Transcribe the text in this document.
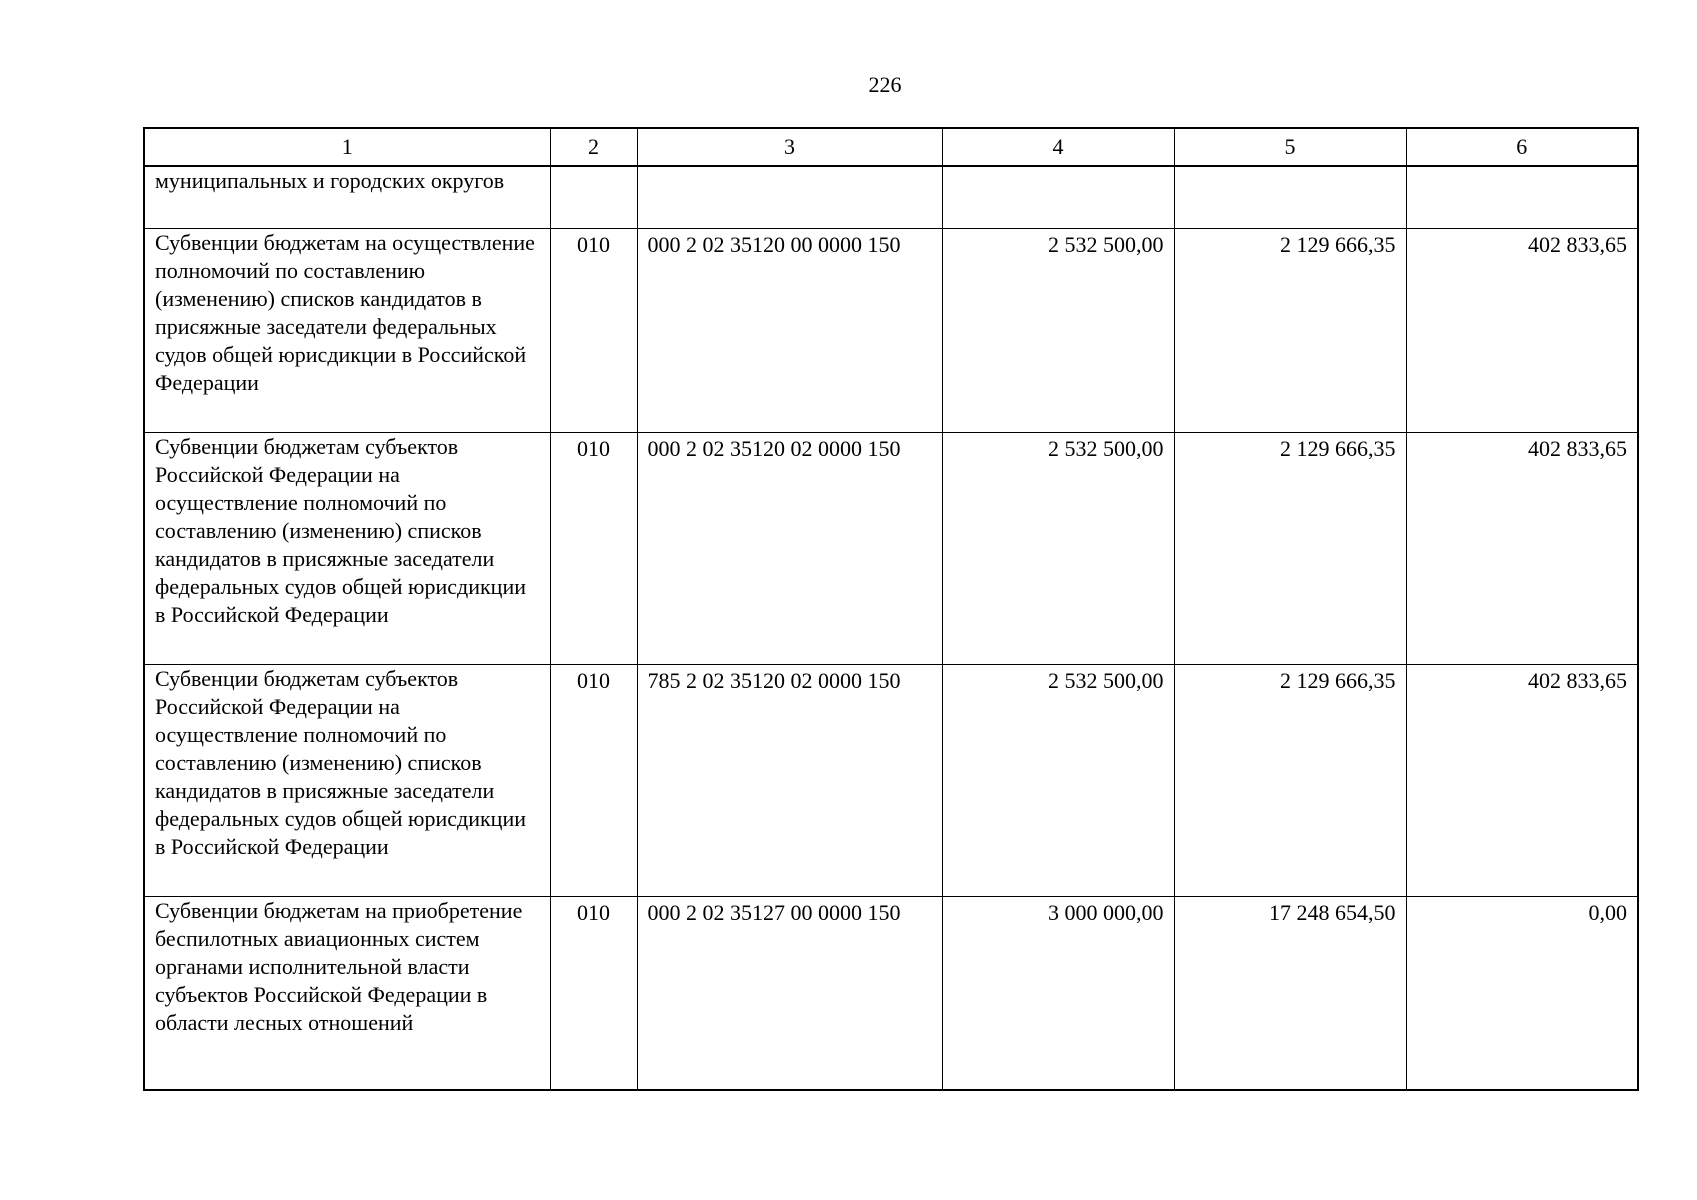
226
1	2	3	4	5	6
муниципальных и городских округов					
Субвенции бюджетам на осуществление полномочий по составлению (изменению) списков кандидатов в присяжные заседатели федеральных судов общей юрисдикции в Российской Федерации	010	000 2 02 35120 00 0000 150	2 532 500,00	2 129 666,35	402 833,65
Субвенции бюджетам субъектов Российской Федерации на осуществление полномочий по составлению (изменению) списков кандидатов в присяжные заседатели федеральных судов общей юрисдикции в Российской Федерации	010	000 2 02 35120 02 0000 150	2 532 500,00	2 129 666,35	402 833,65
Субвенции бюджетам субъектов Российской Федерации на осуществление полномочий по составлению (изменению) списков кандидатов в присяжные заседатели федеральных судов общей юрисдикции в Российской Федерации	010	785 2 02 35120 02 0000 150	2 532 500,00	2 129 666,35	402 833,65
Субвенции бюджетам на приобретение беспилотных авиационных систем органами исполнительной власти субъектов Российской Федерации в области лесных отношений	010	000 2 02 35127 00 0000 150	3 000 000,00	17 248 654,50	0,00
